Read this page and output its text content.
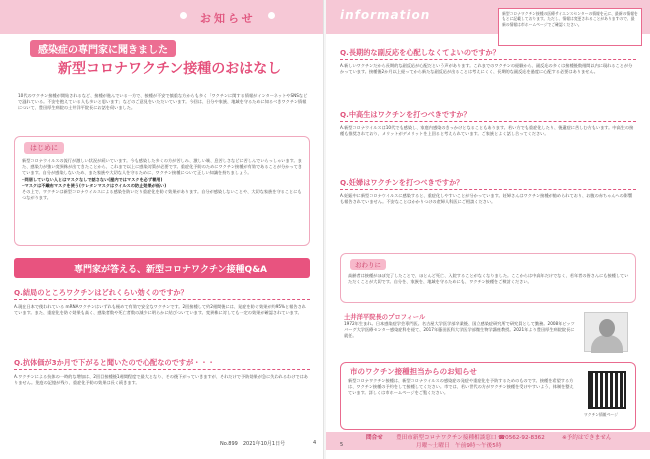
お知らせ
感染症の専門家に聞きました
新型コロナワクチン接種のおはなし

10代のワクチン接種が開始されるなど、接種が進んでいる一方で、接種が不安で慎重な方からも多く「ワクチンに関する情報がインターネットやSNSなどで溢れている。不安を抱えている人も多いと思います」などのご意見をいただいています。今回は、日分や家族、地域を守るために知るべきワクチン情報について、豊田厚生病院の土井洋平院長にお話を伺いました。

はじめに

新型コロナウイルスの流行が激しい状況が続いています。今も感染した多くの方が苦しみ、激しい咳、息苦しさなどに苦しんでいらっしゃいます。また、感染力が強い変異株が出てきたことから、これまで以上に感染対策が必要です。重症化予防のためにワクチン接種が有効であることが分かってきています。自分が感染しないため、また家族や大切な人を守るために、ワクチン接種について正しい知識を持ちましょう。

─同居していない人とはマスクなしで話さない(屋内ではマスクを必ず着用)

─マスクは不織布マスクを使う(ウレタンマスクはウイルスの防止効果が低い)

その上で、ワクチンは新型コロナウイルスによる感染を防いだり重症化を防ぐ効果があります。自分が感染しないことや、大切な家族を守ることにもつながります。

専門家が答える、新型コロナワクチン接種Q&A
Q.結局のところワクチンはどれくらい効くのですか？

A.現在日本で使われている mRNAワクチンはいずれも極めて有効で安全なワクチンです。2回接種して約2週間後には、発症を防ぐ効果が約95%と報告されています。また、重症化を防ぐ効果も高く、感染者数や死亡者数の減少に明らかに結びついています。変異株に対しても一定の効果が確認されています。

Q.抗体価が3か月で下がると聞いたので心配なのですが・・・

A.ワクチンによる抗体の一時的な増加は、2回目接種後1週間程度で最大となり、その後下がっていきますが、それだけで予防効果が急に失われるわけではありません。免疫の記憶が残り、重症化予防の効果は長く続きます。

No.899　2021年10月1日号	4
information	新型コロナワクチン接種の医療サイエンスセンターの情報を元に、最新の情報をもとに記載しております。ただし、情報は変更されることがありますので、最新の情報は市ホームページでご確認ください。
Q.長期的な副反応を心配しなくてよいのですか？

A.新しいワクチンだから長期的な副反応が心配だという声があります。これまでのワクチンの経験から、副反応の多くは接種後数週間以内に現れることが分かっています。接種後2か月以上経ってから新たな副反応が出ることは考えにくく、長期的な副反応を過度に心配する必要はありません。

Q.中高生はワクチンを打つべきですか？

A.新型コロナウイルスは10代でも感染し、家庭内感染のきっかけとなることもあります。若い方でも重症化したり、後遺症に苦しむ方もいます。中高生の接種も推奨されており、メリットがデメリットを上回ると考えられています。ご家族とよく話し合ってください。

Q.妊婦はワクチンを打つべきですか？

A.妊娠中に新型コロナウイルスに感染すると、重症化しやすいことが分かっています。妊婦さんはワクチン接種が勧められており、お腹の赤ちゃんへの影響も報告されていません。不安なことはかかりつけの産婦人科医にご相談ください。

おわりに

高齢者は接種がほぼ完了したことで、ほとんど死亡、入院することがなくなりました。ここからは中高年だけでなく、若年者の皆さんにも接種していただくことが大切です。自分を、家族を、地域を守るためにも、ワクチン接種をご検討ください。

土井洋平院長のプロフィール

1972年生まれ。日本感染症学会専門医。名古屋大学医学部卒業後、国立感染症研究所で研究員として勤務。2008年ピッツバーグ大学医療センター感染症科を経て、2017年藤田医科大学医学部微生物学講座教授。2021年より豊田厚生病院院長に就任。

市のワクチン接種担当からのお知らせ

新型コロナワクチン接種は、新型コロナウイルスの感染症の発症や重症化を予防するためのものです。接種を希望する方は、ワクチン接種の予約をして接種してください。市では、若い世代の方がワクチン接種を受けやすいよう、体制を整えています。詳しくは市ホームページをご覧ください。

ワクチン情報ページ
問合せ 豊田市新型コロナワクチン接種相談窓口 ☎0562-92-8362	※予約はできません
月曜〜土曜日　午前9時〜午後5時
5
